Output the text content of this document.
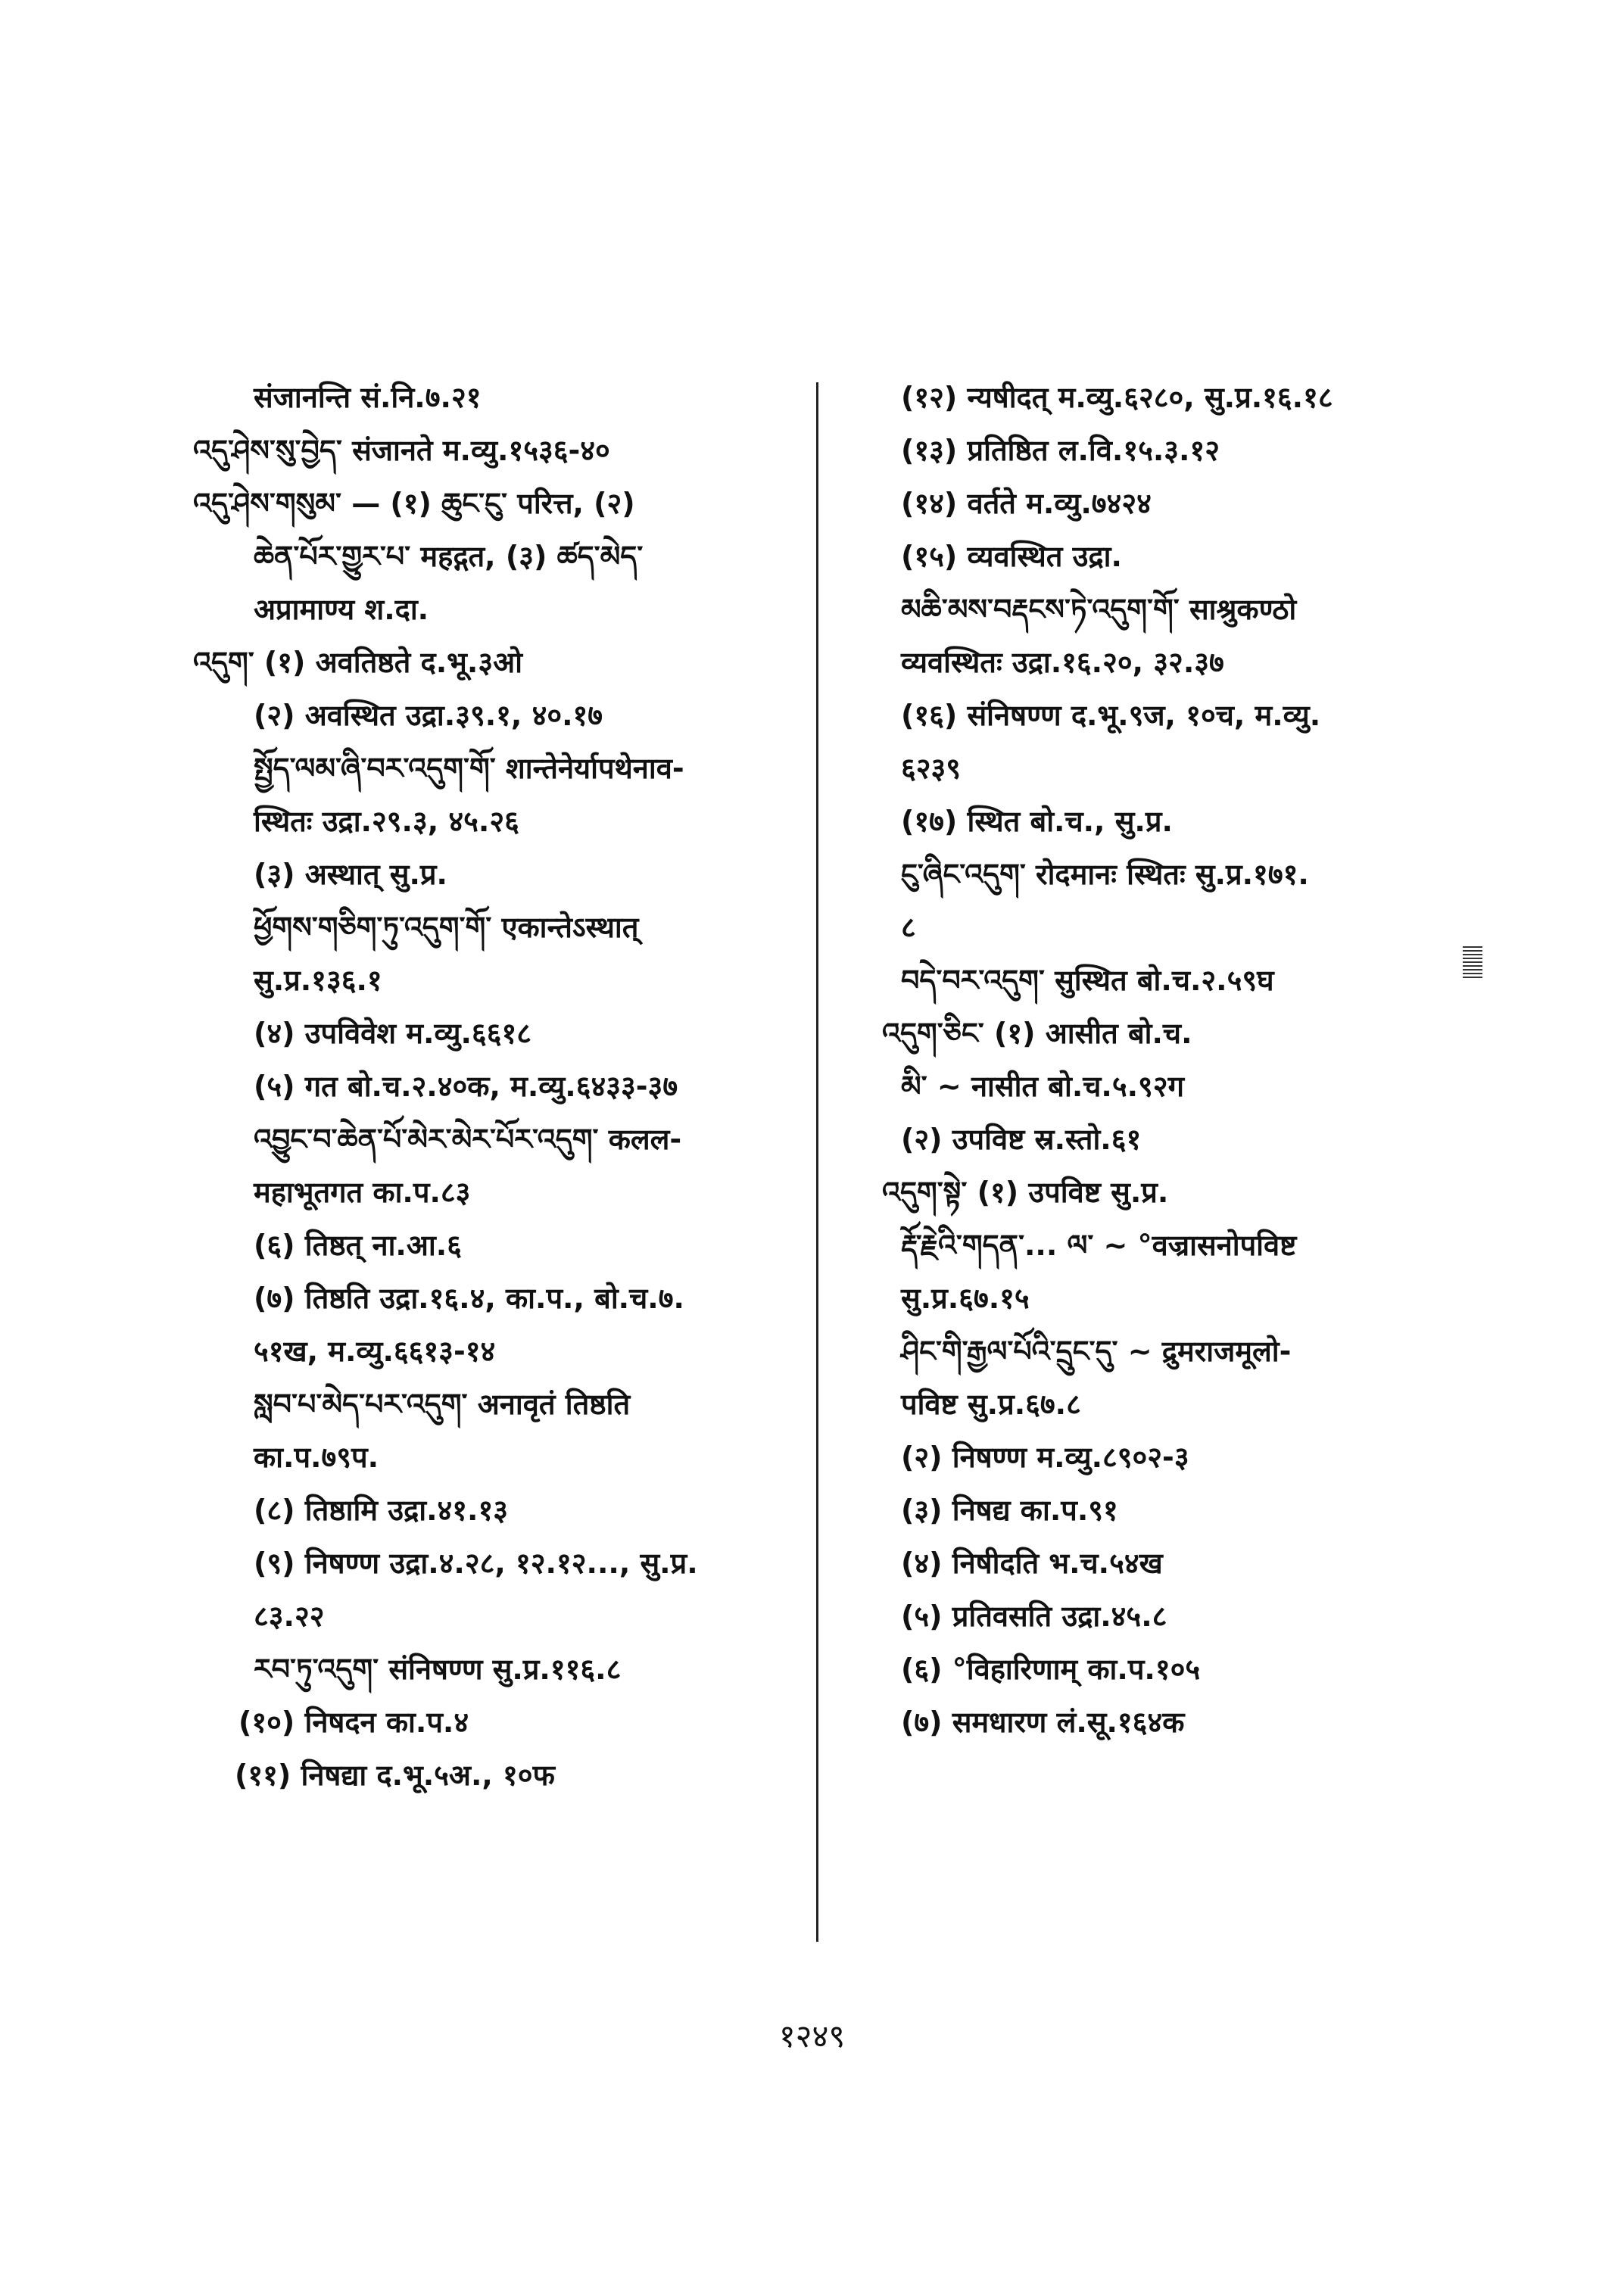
संजानन्ति सं.नि.७.२१
འདུ་ཤེས་སུ་བྱེད་ संजानते म.व्यु.१५३६-४०
འདུ་ཤེས་གསུམ་ — (१) ཆུང་ངུ་ परित्त, (२)
ཆེན་པོར་གྱུར་པ་ महद्गत, (३) ཚད་མེད་
अप्रामाण्य श.दा.
འདུག་ (१) अवतिष्ठते द.भू.३ओ
(२) अवस्थित उद्रा.३९.१, ४०.१७
སྤྱོད་ལམ་ཞི་བར་འདུག་གོ་ शान्तेनेर्यापथेनाव-
स्थितः उद्रा.२९.३, ४५.२६
(३) अस्थात् सु.प्र.
ཕྱོགས་གཅིག་ཏུ་འདུག་གོ་ एकान्तेऽस्थात्
सु.प्र.१३६.१
(४) उपविवेश म.व्यु.६६१८
(५) गत बो.च.२.४०क, म.व्यु.६४३३-३७
འབྱུང་བ་ཆེན་པོ་མེར་མེར་པོར་འདུག་ कलल-
महाभूतगत का.प.८३
(६) तिष्ठत् ना.आ.६
(७) तिष्ठति उद्रा.१६.४, का.प., बो.च.७.
५१ख, म.व्यु.६६१३-१४
སླབ་པ་མེད་པར་འདུག་ अनावृतं तिष्ठति
का.प.७९प.
(८) तिष्ठामि उद्रा.४१.१३
(९) निषण्ण उद्रा.४.२८, १२.१२..., सु.प्र.
८३.२२
རབ་ཏུ་འདུག་ संनिषण्ण सु.प्र.११६.८
(१०) निषदन का.प.४
(११) निषद्या द.भू.५अ., १०फ
(१२) न्यषीदत् म.व्यु.६२८०, सु.प्र.१६.१८
(१३) प्रतिष्ठित ल.वि.१५.३.१२
(१४) वर्तते म.व्यु.७४२४
(१५) व्यवस्थित उद्रा.
མཆི་མས་བརྡངས་ཏེ་འདུག་གོ་ साश्रुकण्ठो
व्यवस्थितः उद्रा.१६.२०, ३२.३७
(१६) संनिषण्ण द.भू.९ज, १०च, म.व्यु.
६२३९
(१७) स्थित बो.च., सु.प्र.
ངུ་ཞིང་འདུག་ रोदमानः स्थितः सु.प्र.१७१.
८
བདེ་བར་འདུག་ सुस्थित बो.च.२.५९घ
འདུག་ཅིང་ (१) आसीत बो.च.
མི་ ~ नासीत बो.च.५.९२ग
(२) उपविष्ट स्र.स्तो.६१
འདུག་སྟེ་ (१) उपविष्ट सु.प्र.
རྡོ་རྗེའི་གདན་... ལ་ ~ °वज्रासनोपविष्ट
सु.प्र.६७.१५
ཤིང་གི་རྒྱལ་པོའི་དྲུང་དུ་ ~ द्रुमराजमूलो-
पविष्ट सु.प्र.६७.८
(२) निषण्ण म.व्यु.८९०२-३
(३) निषद्य का.प.९१
(४) निषीदति भ.च.५४ख
(५) प्रतिवसति उद्रा.४५.८
(६) °विहारिणाम् का.प.१०५
(७) समधारण लं.सू.१६४क
१२४९
